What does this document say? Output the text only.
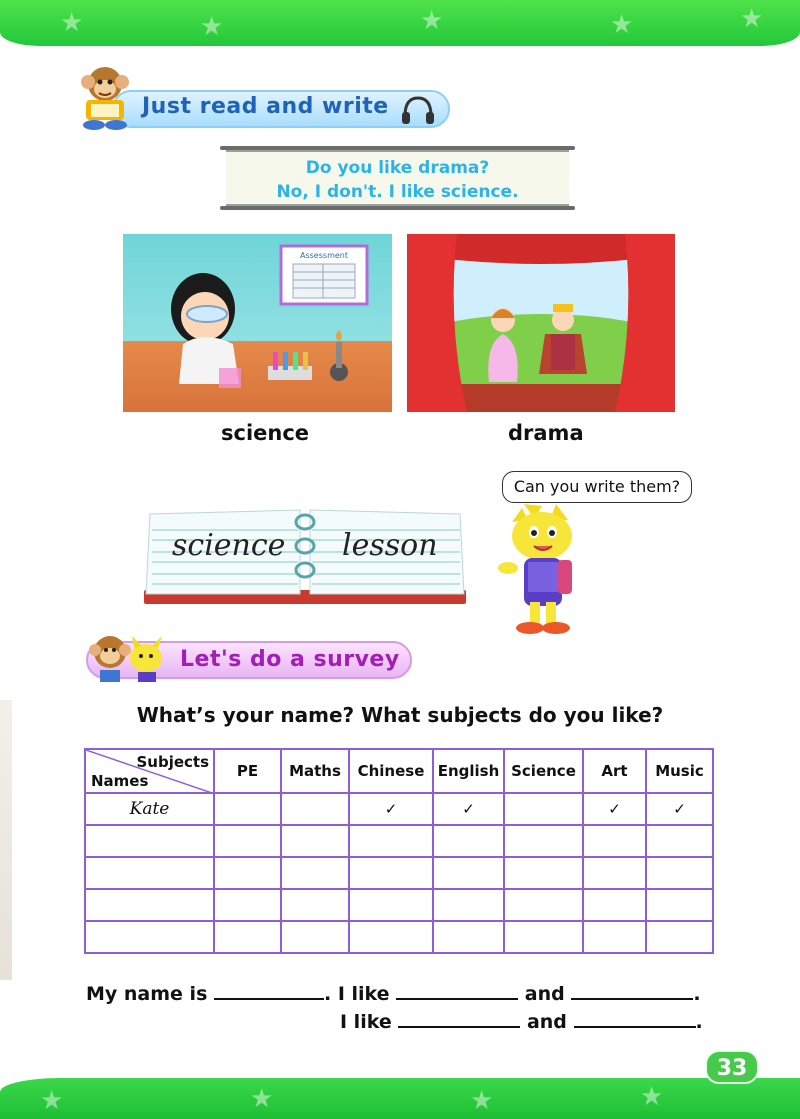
★	★	★	★	★
Just read and write
Do you like drama?
No, I don't. I like science.
Assessment
science	drama
science lesson
Can you write them?
Let's do a survey
What’s your name? What subjects do you like?
Subjects
Names	PE	Maths	Chinese	English	Science	Art	Music
Kate			✓	✓		✓	✓

My name is	. I like	and	.
I like	and	.
★	★	★	★
33
